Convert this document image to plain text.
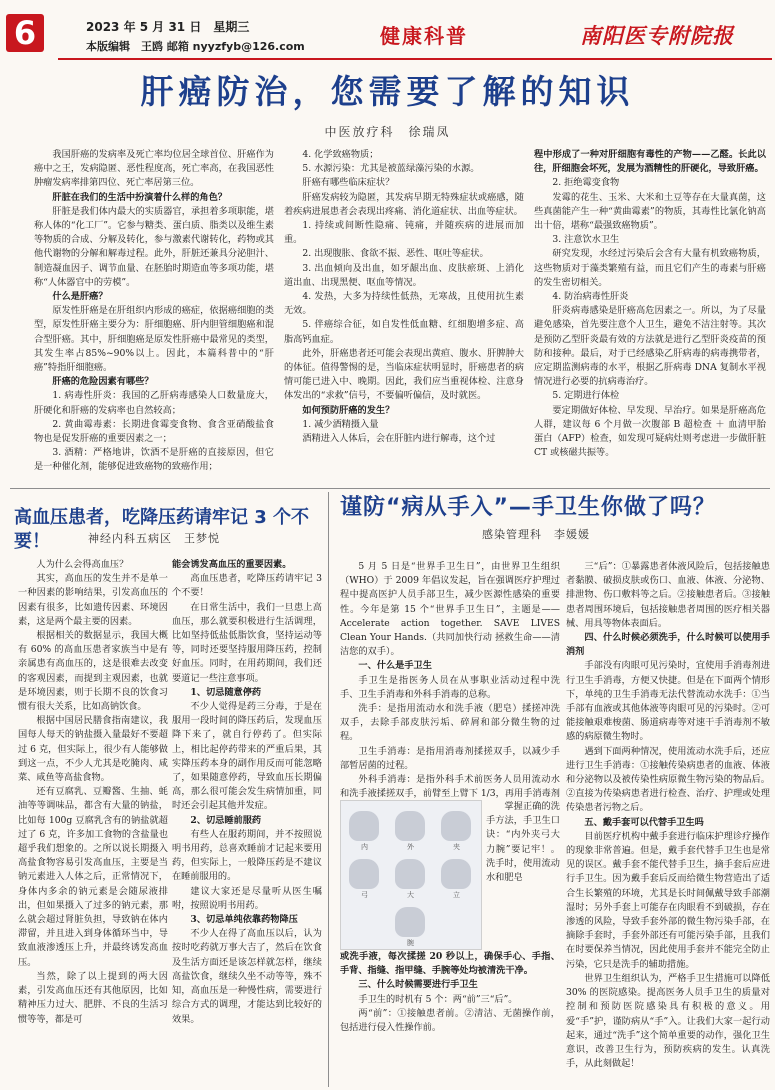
6	2023 年 5 月 31 日　星期三
本版编辑　王鸥 邮箱 nyyzfyb@126.com	健康科普	南阳医专附院报
肝癌防治，您需要了解的知识
中医放疗科　徐瑞凤

我国肝癌的发病率及死亡率均位居全球首位、肝癌作为癌中之王，发病隐匿、恶性程度高，死亡率高，在我国恶性肿瘤发病率排第四位、死亡率居第三位。

肝脏在我们的生活中扮演着什么样的角色？

肝脏是我们体内最大的实质器官，承担着多项职能，堪称人体的“化工厂”。它参与糖类、蛋白质、脂类以及维生素等物质的合成、分解及转化，参与激素代谢转化，药物或其他代谢物的分解和解毒过程。此外，肝脏还兼具分泌胆汁、制造凝血因子、调节血量、在胚胎时期造血等多项功能，堪称“人体器官中的劳模”。

什么是肝癌？

原发性肝癌是在肝组织内形成的癌症，依据癌细胞的类型，原发性肝癌主要分为：肝细胞癌、肝内胆管细胞癌和混合型肝癌。其中，肝细胞癌是原发性肝癌中最常见的类型，其发生率占85%~90%以上。因此，本篇科普中的“肝癌”特指肝细胞癌。

肝癌的危险因素有哪些？

1. 病毒性肝炎：我国的乙肝病毒感染人口数量庞大，肝硬化和肝癌的发病率也自然较高；

2. 黄曲霉毒素：长期进食霉变食物、食含亚硝酸盐食物也是促发肝癌的重要因素之一；

3. 酒精：严格地讲，饮酒不是肝癌的直接原因，但它是一种催化剂，能够促进致癌物的致癌作用；

4. 化学致癌物质；

5. 水源污染：尤其是被蓝绿藻污染的水源。

肝癌有哪些临床症状？

肝癌发病较为隐匿，其发病早期无特殊症状或癌感，随着疾病进展患者会表现出疼痛、消化道症状、出血等症状。

1. 持续或间断性隐痛、钝痛，并随疾病的进展而加重。

2. 出现腹胀、食欲不振、恶性、呕吐等症状。

3. 出血倾向及出血，如牙龈出血、皮肤瘀斑、上消化道出血、出现黑便、呕血等情况。

4. 发热，大多为持续性低热，无寒战，且使用抗生素无效。

5. 伴癌综合征，如自发性低血糖、红细胞增多症、高脂高钙血症。

此外，肝癌患者还可能会表现出黄疸、腹水、肝脾肿大的体征。值得警惕的是，当临床症状明显时，肝癌患者的病情可能已进入中、晚期。因此，我们应当重视体检、注意身体发出的“求救”信号，不要偏听偏信，及时就医。

如何预防肝癌的发生？

1. 减少酒精摄入量

酒精进入人体后，会在肝脏内进行解毒，这个过

程中形成了一种对肝细胞有毒性的产物——乙醛。长此以往，肝细胞会坏死，发展为酒精性的肝硬化，导致肝癌。

2. 拒绝霉变食物

发霉的花生、玉米、大米和土豆等存在大量真菌，这些真菌能产生一种“黄曲霉素”的物质，其毒性比氯化钠高出十倍，堪称“最强致癌物质”。

3. 注意饮水卫生

研究发现，水经过污染后会含有大量有机致癌物质，这些物质对于藻类繁殖有益，而且它们产生的毒素与肝癌的发生密切相关。

4. 防治病毒性肝炎

肝炎病毒感染是肝癌高危因素之一。所以，为了尽量避免感染，首先要注意个人卫生，避免不洁注射等。其次是预防乙型肝炎最有效的方法就是进行乙型肝炎疫苗的预防和接种。最后，对于已经感染乙肝病毒的病毒携带者，应定期监测病毒的水平，根据乙肝病毒 DNA 复制水平视情况进行必要的抗病毒治疗。

5. 定期进行体检

要定期做好体检、早发现、早治疗。如果是肝癌高危人群，建议每 6 个月做一次腹部 B 超检查 ＋ 血清甲胎蛋白（AFP）检查，如发现可疑病灶则考虑进一步做肝脏 CT 或核磁共振等。

高血压患者，吃降压药请牢记 3 个不要！	神经内科五病区　王梦悦

人为什么会得高血压？

其实，高血压的发生并不是单一一种因素的影响结果，引发高血压的因素有很多，比如遗传因素、环境因素，这是两个最主要的因素。

根据相关的数据显示，我国大概有 60% 的高血压患者家族当中是有亲属患有高血压的，这是很难去改变的客观因素，而提到主观因素，也就是环境因素，则于长期不良的饮食习惯有很大关系，比如高钠饮食。

根据中国居民膳食指南建议，我国每人每天的钠盐摄入量最好不要超过 6 克，但实际上，很少有人能够做到这一点，不少人尤其是吃腌肉、咸菜、咸鱼等高盐食物。

还有豆腐乳、豆瓣酱、生抽、蚝油等等调味品，都含有大量的钠盐，比如每 100g 豆腐乳含有的钠盐就超过了 6 克，许多加工食物的含盐量也超乎我们想象的。之所以说长期摄入高盐食物容易引发高血压，主要是当钠元素进入人体之后，正常情况下，身体内多余的钠元素是会随尿液排出，但如果摄入了过多的钠元素，那么就会超过肾脏负担，导致钠在体内滞留，并且进入到身体循环当中，导致血液渗透压上升，并最终诱发高血压。

当然，除了以上提到的两大因素，引发高血压还有其他原因，比如精神压力过大、肥胖、不良的生活习惯等等，都是可

能会诱发高血压的重要因素。

高血压患者，吃降压药请牢记 3 个不要！

在日常生活中，我们一旦患上高血压，那么就要积极进行生活调理，比如坚持低盐低脂饮食，坚持运动等等，同时还要坚持服用降压药，控制好血压。同时，在用药期间，我们还要道记一些注意事项。

1、切忌随意停药

不少人觉得是药三分毒，于是在服用一段时间的降压药后，发现血压降下来了，就自行停药了。但实际上，相比起停药带来的严重后果，其实降压药本身的副作用反而可能忽略了，如果随意停药，导致血压长期偏高，那么很可能会发生病情加重，同时还会引起其他并发症。

2、切忌睡前服药

有些人在服药期间，并不按照说明书用药，总喜欢睡前才记起来要用药，但实际上，一般降压药是不建议在睡前服用的。

建议大家还是尽量听从医生嘱咐，按照说明书用药。

3、切忌单纯依靠药物降压

不少人在得了高血压以后，认为按时吃药就万事大吉了，然后在饮食及生活方面还是该怎样就怎样，继续高盐饮食，继续久坐不动等等，殊不知，高血压是一种慢性病，需要进行综合方式的调理，才能达到比较好的效果。

谨防“病从手入”—手卫生你做了吗？
感染管理科　李媛媛

5 月 5 日是“世界手卫生日”，由世界卫生组织（WHO）于 2009 年倡议发起，旨在强调医疗护理过程中提高医护人员手部卫生，减少医源性感染的重要性。今年是第 15 个“世界手卫生日”，主题是——Accelerate action together. SAVE LIVES　Clean Your Hands.（共同加快行动 拯救生命——清洁您的双手）。

一、什么是手卫生

手卫生是指医务人员在从事职业活动过程中洗手、卫生手消毒和外科手消毒的总称。

洗手：是指用流动水和洗手液（肥皂）揉搓冲洗双手，去除手部皮肤污垢、碎屑和部分微生物的过程。

卫生手消毒：是指用消毒剂揉搓双手，以减少手部暂居菌的过程。

外科手消毒：是指外科手术前医务人员用流动水和洗手液揉搓双手，前臂至上臂下 1/3，再用手消毒剂

内	外	夹
弓	大	立
腕

掌握正确的洗手方法，手卫生口诀：“内外夹弓大力腕”要记牢！。洗手时，使用流动水和肥皂

或洗手液，每次揉搓 20 秒以上，确保手心、手指、手背、指缝、指甲缝、手腕等处均被清洗干净。

三、什么时候需要进行手卫生

手卫生的时机有 5 个：两“前”三“后”。

两“前”：①接触患者前。②清洁、无菌操作前，包括进行侵入性操作前。

三“后”：①暴露患者体液风险后，包括接触患者黏膜、破损皮肤或伤口、血液、体液、分泌物、排泄物、伤口敷料等之后。②接触患者后。③接触患者周围环境后，包括接触患者周围的医疗相关器械、用具等物体表面后。

四、什么时候必须洗手，什么时候可以使用手消剂

手部没有肉眼可见污染时，宜使用手消毒剂进行卫生手消毒，方便又快捷。但是在下面两个情形下，单纯的卫生手消毒无法代替流动水洗手：①当手部有血液或其他体液等肉眼可见的污染时。②可能接触艰难梭菌、肠道病毒等对速干手消毒剂不敏感的病原微生物时。

遇到下面两种情况，使用流动水洗手后，还应进行卫生手消毒：①接触传染病患者的血液、体液和分泌物以及被传染性病原微生物污染的物品后。②直接为传染病患者进行检查、治疗、护理或处理传染患者污物之后。

五、戴手套可以代替手卫生吗

目前医疗机构中戴手套进行临床护理诊疗操作的现象非常普遍。但是，戴手套代替手卫生也是常见的误区。戴手套不能代替手卫生，摘手套后应进行手卫生。因为戴手套后反而给微生物营造出了适合生长繁殖的环境，尤其是长时间佩戴导致手部潮湿时；另外手套上可能存在肉眼看不到破损，存在渗透的风险，导致手套外部的微生物污染手部，在摘除手套时，手套外部还有可能污染手部，且我们在时要保养当情况，因此使用手套并不能完全防止污染，它只是洗手的辅助措施。

世界卫生组织认为，严格手卫生措施可以降低 30% 的医院感染。提高医务人员手卫生的质量对控制和预防医院感染具有积极的意义。用爱“手”护，谨防病从“手”入。让我们大家一起行动起来，通过“洗手”这个简单重要的动作，强化卫生意识，改善卫生行为，预防疾病的发生。认真洗手，从此刻做起！
